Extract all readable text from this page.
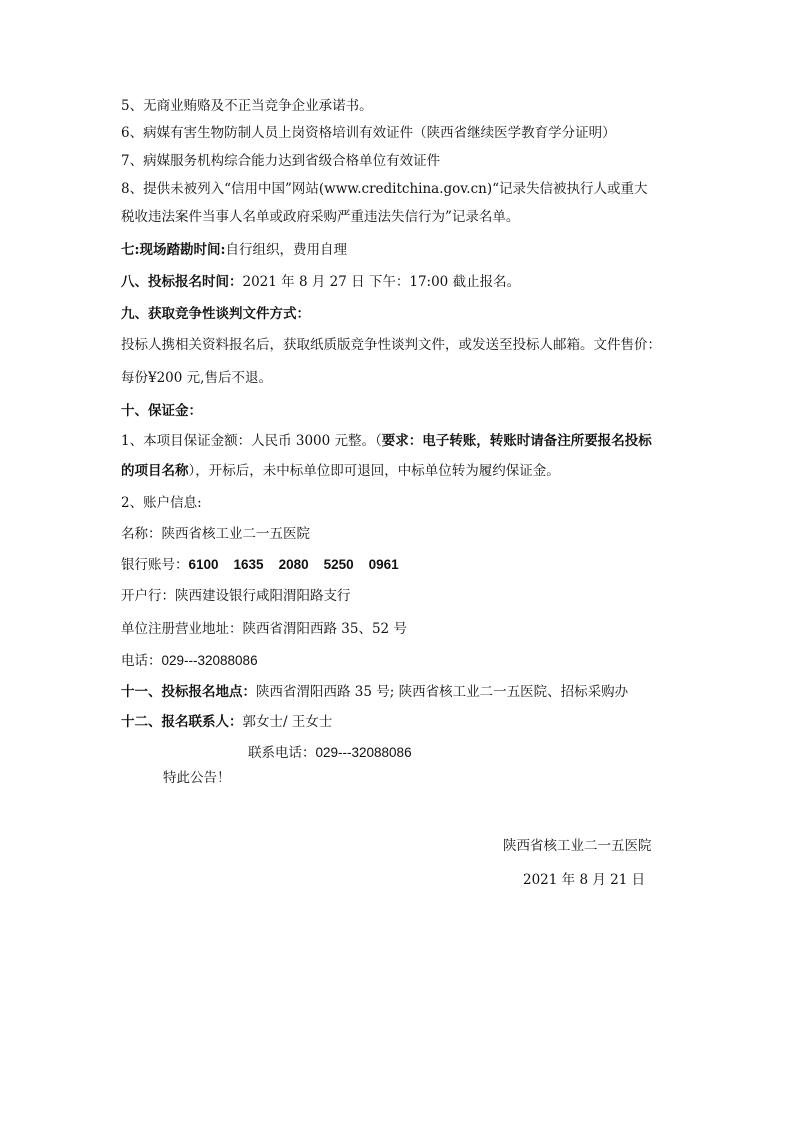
5、无商业贿赂及不正当竞争企业承诺书。
6、病媒有害生物防制人员上岗资格培训有效证件（陕西省继续医学教育学分证明）
7、病媒服务机构综合能力达到省级合格单位有效证件
8、提供未被列入“信用中国”网站(www.creditchina.gov.cn)“记录失信被执行人或重大
税收违法案件当事人名单或政府采购严重违法失信行为”记录名单。
七:现场踏勘时间:自行组织，费用自理
八、投标报名时间：2021 年 8 月 27 日 下午：17:00 截止报名。
九、获取竞争性谈判文件方式：
投标人携相关资料报名后，获取纸质版竞争性谈判文件，或发送至投标人邮箱。文件售价：
每份¥200 元,售后不退。
十、保证金：
1、本项目保证金额：人民币 3000 元整。（要求：电子转账，转账时请备注所要报名投标
的项目名称），开标后，未中标单位即可退回，中标单位转为履约保证金。
2、账户信息:
名称：陕西省核工业二一五医院
银行账号：6100    1635    2080    5250    0961
开户行：陕西建设银行咸阳渭阳路支行
单位注册营业地址：陕西省渭阳西路 35、52 号
电话：029---32088086
十一、投标报名地点：陕西省渭阳西路 35 号; 陕西省核工业二一五医院、招标采购办
十二、报名联系人：郭女士/ 王女士
联系电话：029---32088086
特此公告！
陕西省核工业二一五医院
2021 年 8 月 21 日
